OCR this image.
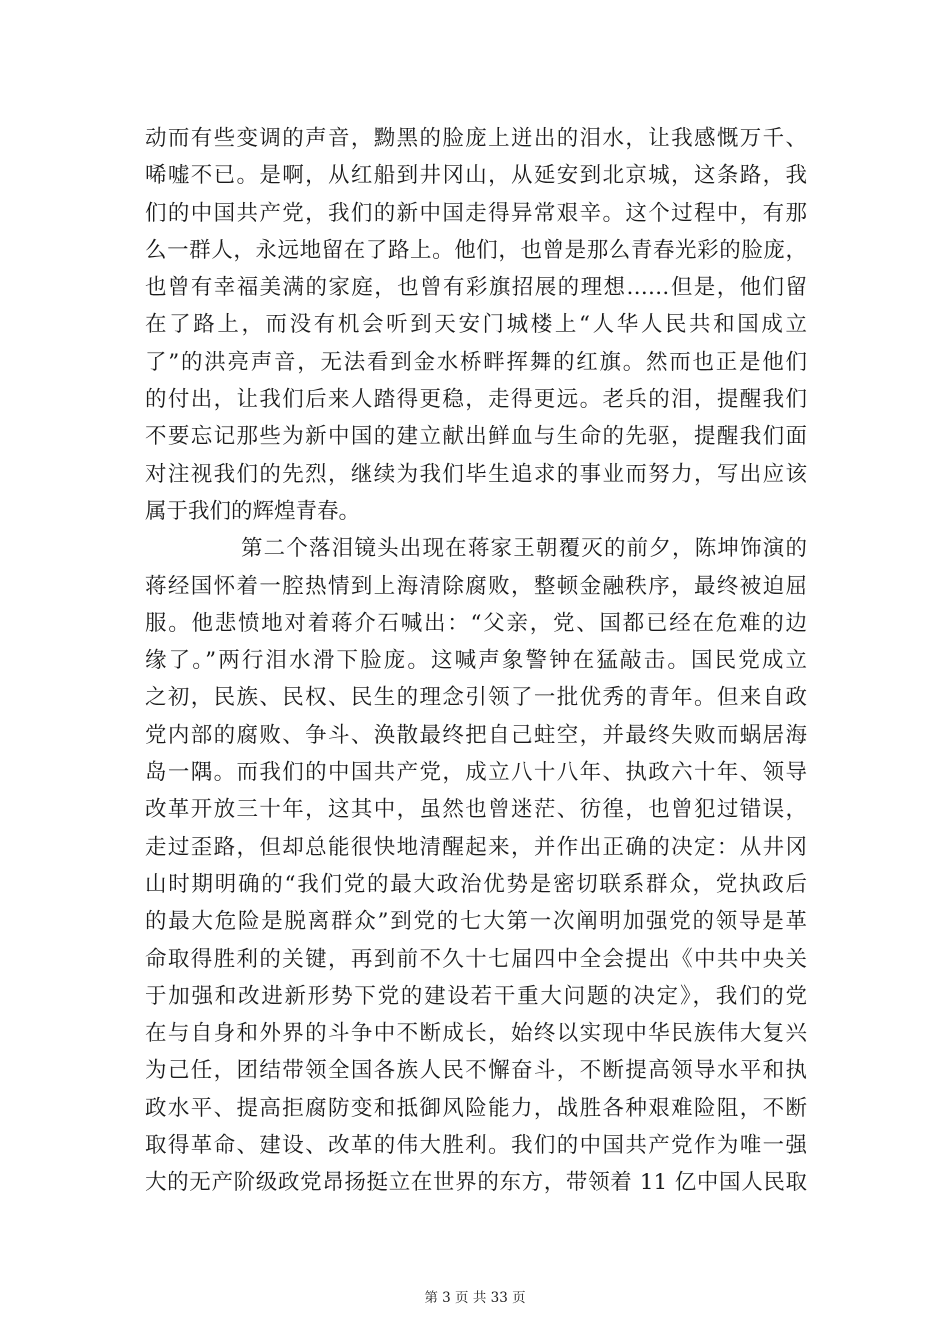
动而有些变调的声音，黝黑的脸庞上迸出的泪水，让我感慨万千、
唏嘘不已。是啊，从红船到井冈山，从延安到北京城，这条路，我
们的中国共产党，我们的新中国走得异常艰辛。这个过程中，有那
么一群人，永远地留在了路上。他们，也曾是那么青春光彩的脸庞，
也曾有幸福美满的家庭，也曾有彩旗招展的理想……但是，他们留
在了路上，而没有机会听到天安门城楼上“人华人民共和国成立
了”的洪亮声音，无法看到金水桥畔挥舞的红旗。然而也正是他们
的付出，让我们后来人踏得更稳，走得更远。老兵的泪，提醒我们
不要忘记那些为新中国的建立献出鲜血与生命的先驱，提醒我们面
对注视我们的先烈，继续为我们毕生追求的事业而努力，写出应该
属于我们的辉煌青春。
第二个落泪镜头出现在蒋家王朝覆灭的前夕，陈坤饰演的
蒋经国怀着一腔热情到上海清除腐败，整顿金融秩序，最终被迫屈
服。他悲愤地对着蒋介石喊出：“父亲，党、国都已经在危难的边
缘了。”两行泪水滑下脸庞。这喊声象警钟在猛敲击。国民党成立
之初，民族、民权、民生的理念引领了一批优秀的青年。但来自政
党内部的腐败、争斗、涣散最终把自己蛀空，并最终失败而蜗居海
岛一隅。而我们的中国共产党，成立八十八年、执政六十年、领导
改革开放三十年，这其中，虽然也曾迷茫、彷徨，也曾犯过错误，
走过歪路，但却总能很快地清醒起来，并作出正确的决定：从井冈
山时期明确的“我们党的最大政治优势是密切联系群众，党执政后
的最大危险是脱离群众”到党的七大第一次阐明加强党的领导是革
命取得胜利的关键，再到前不久十七届四中全会提出《中共中央关
于加强和改进新形势下党的建设若干重大问题的决定》，我们的党
在与自身和外界的斗争中不断成长，始终以实现中华民族伟大复兴
为己任，团结带领全国各族人民不懈奋斗，不断提高领导水平和执
政水平、提高拒腐防变和抵御风险能力，战胜各种艰难险阻，不断
取得革命、建设、改革的伟大胜利。我们的中国共产党作为唯一强
大的无产阶级政党昂扬挺立在世界的东方，带领着 11 亿中国人民取
第 3 页 共 33 页
